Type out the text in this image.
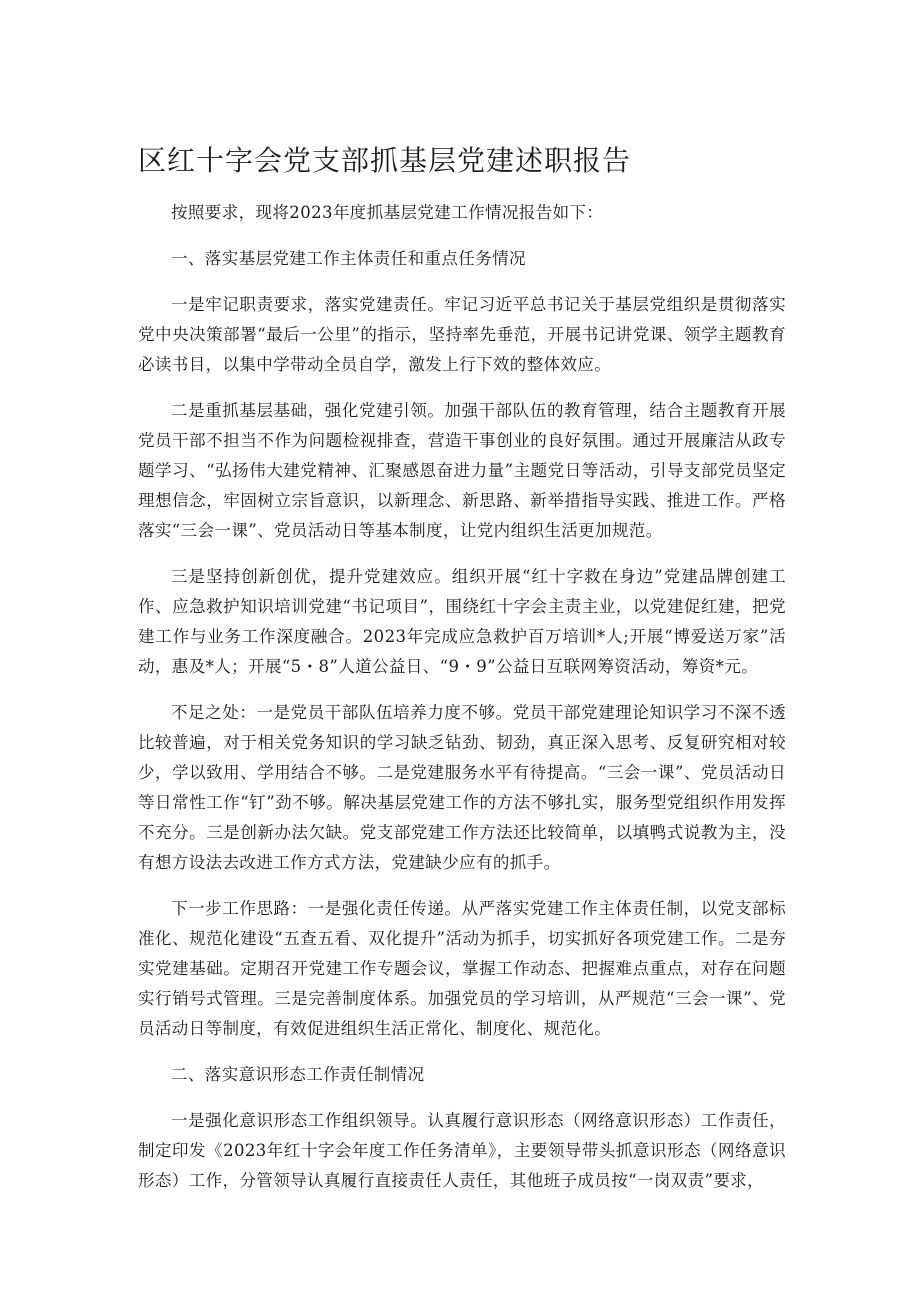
区红十字会党支部抓基层党建述职报告

按照要求，现将2023年度抓基层党建工作情况报告如下：

一、落实基层党建工作主体责任和重点任务情况

一是牢记职责要求，落实党建责任。牢记习近平总书记关于基层党组织是贯彻落实党中央决策部署“最后一公里”的指示，坚持率先垂范，开展书记讲党课、领学主题教育必读书目，以集中学带动全员自学，激发上行下效的整体效应。

二是重抓基层基础，强化党建引领。加强干部队伍的教育管理，结合主题教育开展党员干部不担当不作为问题检视排查，营造干事创业的良好氛围。通过开展廉洁从政专题学习、“弘扬伟大建党精神、汇聚感恩奋进力量”主题党日等活动，引导支部党员坚定理想信念，牢固树立宗旨意识，以新理念、新思路、新举措指导实践、推进工作。严格落实“三会一课”、党员活动日等基本制度，让党内组织生活更加规范。

三是坚持创新创优，提升党建效应。组织开展“红十字救在身边”党建品牌创建工作、应急救护知识培训党建“书记项目”，围绕红十字会主责主业，以党建促红建，把党建工作与业务工作深度融合。2023年完成应急救护百万培训*人;开展“博爱送万家”活动，惠及*人；开展“5・8”人道公益日、“9・9”公益日互联网筹资活动，筹资*元。

不足之处：一是党员干部队伍培养力度不够。党员干部党建理论知识学习不深不透比较普遍，对于相关党务知识的学习缺乏钻劲、韧劲，真正深入思考、反复研究相对较少，学以致用、学用结合不够。二是党建服务水平有待提高。“三会一课”、党员活动日等日常性工作“钉”劲不够。解决基层党建工作的方法不够扎实，服务型党组织作用发挥不充分。三是创新办法欠缺。党支部党建工作方法还比较简单，以填鸭式说教为主，没有想方设法去改进工作方式方法，党建缺少应有的抓手。

下一步工作思路：一是强化责任传递。从严落实党建工作主体责任制，以党支部标准化、规范化建设“五查五看、双化提升”活动为抓手，切实抓好各项党建工作。二是夯实党建基础。定期召开党建工作专题会议，掌握工作动态、把握难点重点，对存在问题实行销号式管理。三是完善制度体系。加强党员的学习培训，从严规范“三会一课”、党员活动日等制度，有效促进组织生活正常化、制度化、规范化。

二、落实意识形态工作责任制情况

一是强化意识形态工作组织领导。认真履行意识形态（网络意识形态）工作责任，制定印发《2023年红十字会年度工作任务清单》，主要领导带头抓意识形态（网络意识形态）工作，分管领导认真履行直接责任人责任，其他班子成员按“一岗双责”要求，
